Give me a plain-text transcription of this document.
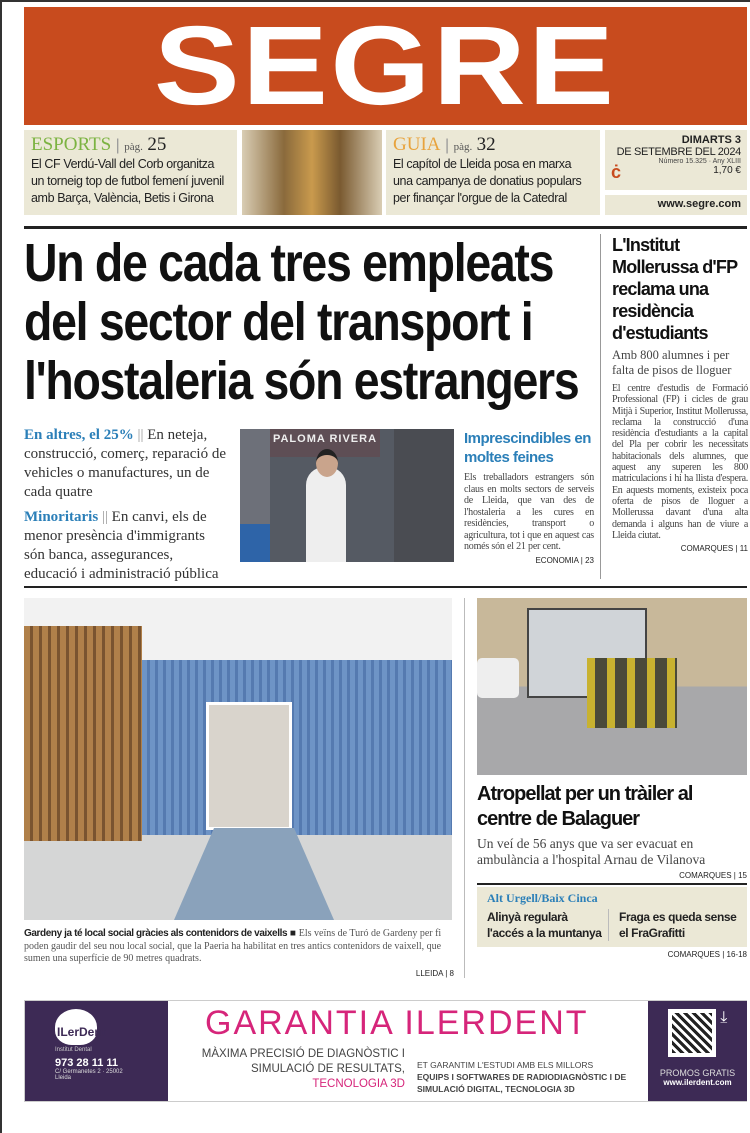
SEGRE
ESPORTS | pàg. 25
El CF Verdú-Vall del Corb organitza un torneig top de futbol femení juvenil amb Barça, València, Betis i Girona
GUIA | pàg. 32
El capítol de Lleida posa en marxa una campanya de donatius populars per finançar l'orgue de la Catedral
DIMARTS 3
DE SETEMBRE DEL 2024
Número 15.325 · Any XLIII
1,70 €
ċ
www.segre.com
Un de cada tres empleats
del sector del transport i
l'hostaleria són estrangers

En altres, el 25% || En neteja, construcció, comerç, reparació de vehicles o manufactures, un de cada quatre

Minoritaris || En canvi, els de menor presència d'immigrants són banca, assegurances, educació i administració pública

PALOMA RIVERA	Imprescindibles en moltes feines
Els treballadors estrangers són claus en molts sectors de serveis de Lleida, que van des de l'hostaleria a les cures en residències, transport o agricultura, tot i que en aquest cas només són el 21 per cent.
ECONOMIA | 23
L'Institut Mollerussa d'FP reclama una residència d'estudiants
Amb 800 alumnes i per falta de pisos de lloguer
El centre d'estudis de Formació Professional (FP) i cicles de grau Mitjà i Superior, Institut Mollerussa, reclama la construcció d'una residència d'estudiants a la capital del Pla per cobrir les necessitats habitacionals dels alumnes, que aquest any superen les 800 matriculacions i hi ha llista d'espera. En aquests moments, existeix poca oferta de pisos de lloguer a Mollerussa davant d'una alta demanda i alguns han de viure a Lleida ciutat.
COMARQUES | 11
Gardeny ja té local social gràcies als contenidors de vaixells ■ Els veïns de Turó de Gardeny per fi poden gaudir del seu nou local social, que la Paeria ha habilitat en tres antics contenidors de vaixell, que sumen una superfície de 90 metres quadrats.
LLEIDA | 8
Atropellat per un tràiler al centre de Balaguer
Un veí de 56 anys que va ser evacuat en ambulància a l'hospital Arnau de Vilanova
COMARQUES | 15
Alt Urgell/Baix Cinca
Alinyà regularà l'accés a la muntanya
Fraga es queda sense el FraGrafitti
COMARQUES | 16-18
ILerDent
Institut Dental
973 28 11 11
C/ Germanetes 2 · 25002 Lleida
GARANTIA ILERDENT
MÀXIMA PRECISIÓ DE DIAGNÒSTIC I SIMULACIÓ DE RESULTATS, TECNOLOGIA 3D
ET GARANTIM L'ESTUDI AMB ELS MILLORS
EQUIPS I SOFTWARES DE RADIODIAGNÒSTIC I DE SIMULACIÓ DIGITAL, TECNOLOGIA 3D
⤓
PROMOS GRATIS
www.ilerdent.com
